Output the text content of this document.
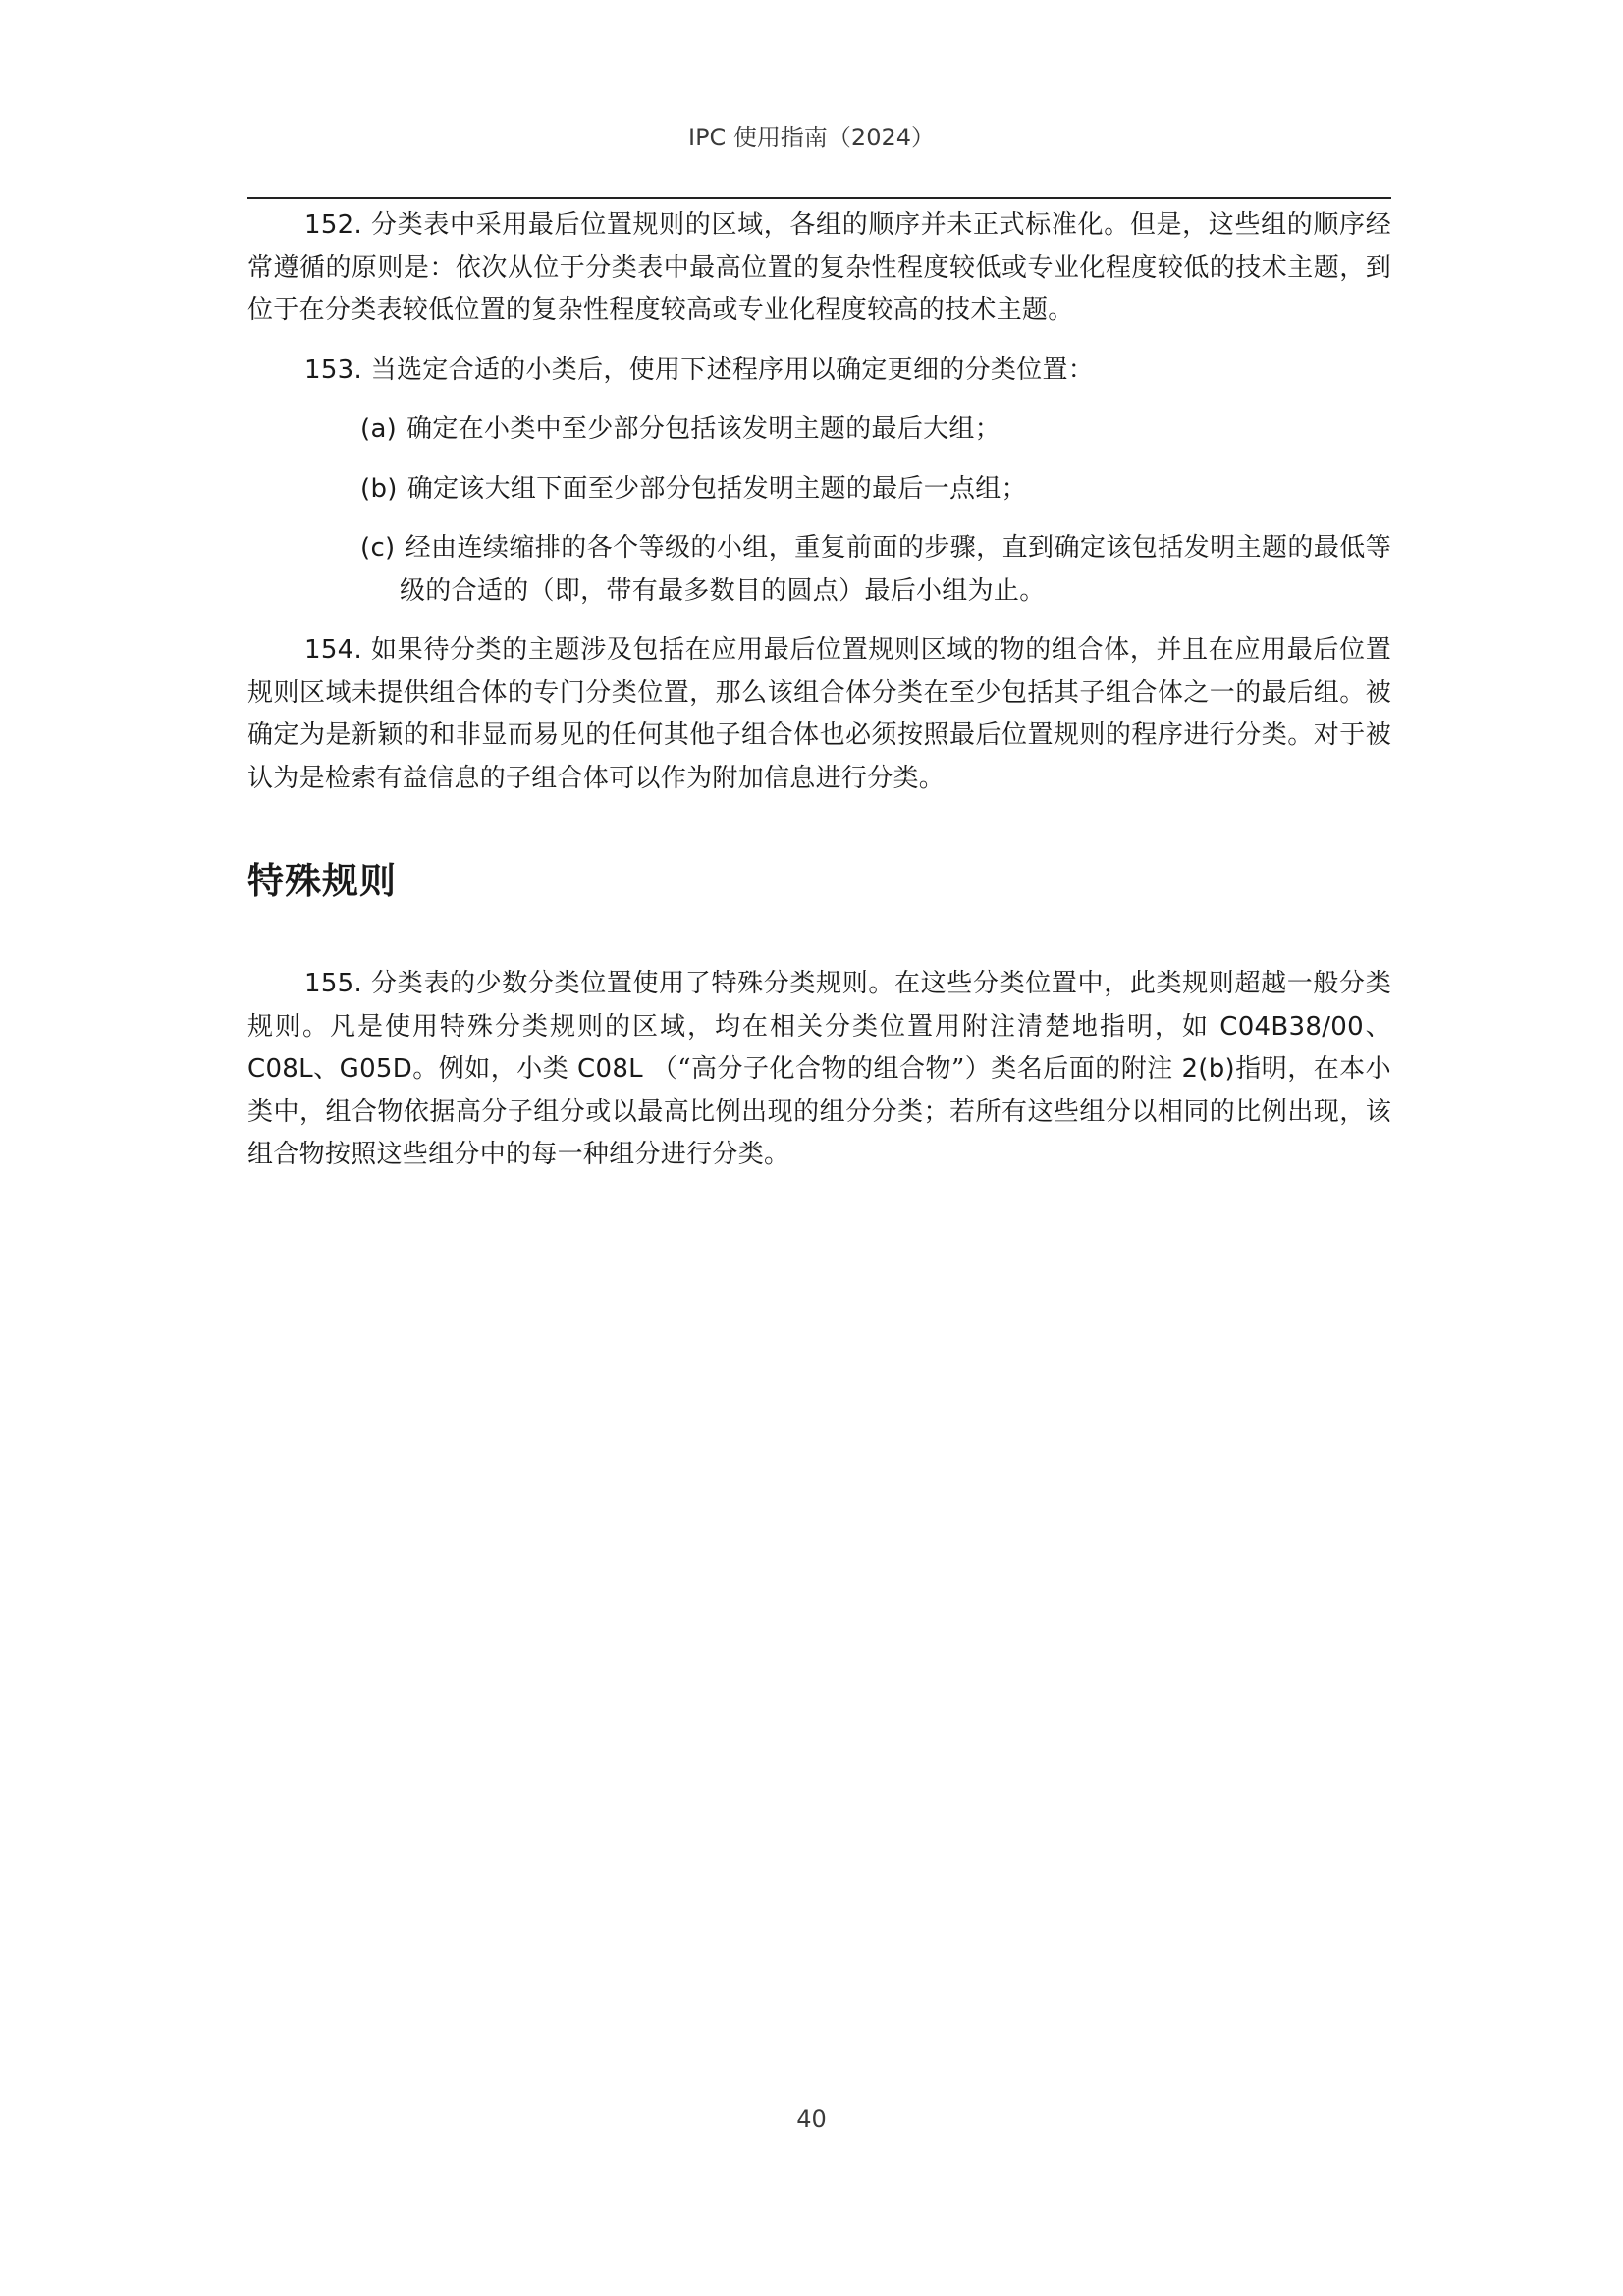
IPC 使用指南（2024）

152. 分类表中采用最后位置规则的区域，各组的顺序并未正式标准化。但是，这些组的顺序经常遵循的原则是：依次从位于分类表中最高位置的复杂性程度较低或专业化程度较低的技术主题，到位于在分类表较低位置的复杂性程度较高或专业化程度较高的技术主题。

153. 当选定合适的小类后，使用下述程序用以确定更细的分类位置：

(a) 确定在小类中至少部分包括该发明主题的最后大组；

(b) 确定该大组下面至少部分包括发明主题的最后一点组；

(c) 经由连续缩排的各个等级的小组，重复前面的步骤，直到确定该包括发明主题的最低等级的合适的（即，带有最多数目的圆点）最后小组为止。

154. 如果待分类的主题涉及包括在应用最后位置规则区域的物的组合体，并且在应用最后位置规则区域未提供组合体的专门分类位置，那么该组合体分类在至少包括其子组合体之一的最后组。被确定为是新颖的和非显而易见的任何其他子组合体也必须按照最后位置规则的程序进行分类。对于被认为是检索有益信息的子组合体可以作为附加信息进行分类。

特殊规则

155. 分类表的少数分类位置使用了特殊分类规则。在这些分类位置中，此类规则超越一般分类规则。凡是使用特殊分类规则的区域，均在相关分类位置用附注清楚地指明，如 C04B38/00、C08L、G05D。例如，小类 C08L （“高分子化合物的组合物”）类名后面的附注 2(b)指明，在本小类中，组合物依据高分子组分或以最高比例出现的组分分类；若所有这些组分以相同的比例出现，该组合物按照这些组分中的每一种组分进行分类。

40
